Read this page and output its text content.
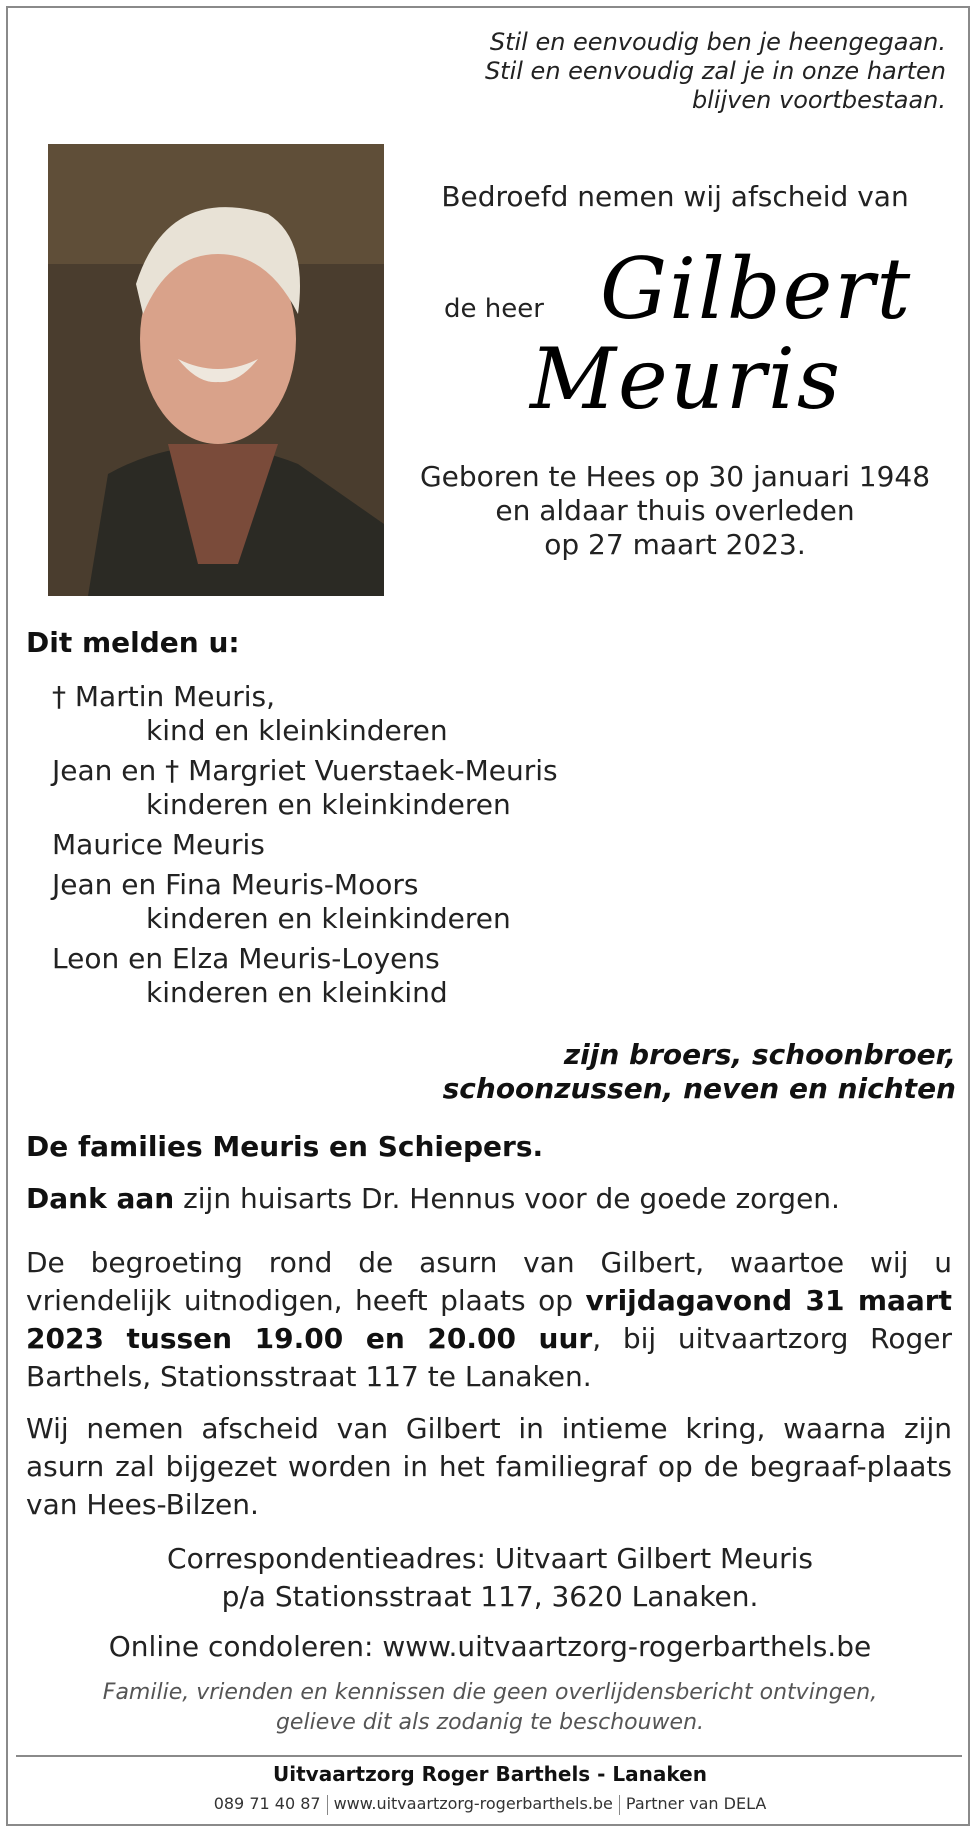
Stil en eenvoudig ben je heengegaan.
Stil en eenvoudig zal je in onze harten
blijven voortbestaan.
Bedroefd nemen wij afscheid van
de heer Gilbert
Meuris
Geboren te Hees op 30 januari 1948
en aldaar thuis overleden
op 27 maart 2023.
Dit melden u:
† Martin Meuris,
kind en kleinkinderen
Jean en † Margriet Vuerstaek-Meuris
kinderen en kleinkinderen
Maurice Meuris
Jean en Fina Meuris-Moors
kinderen en kleinkinderen
Leon en Elza Meuris-Loyens
kinderen en kleinkind
zijn broers, schoonbroer,
schoonzussen, neven en nichten
De families Meuris en Schiepers.
Dank aan zijn huisarts Dr. Hennus voor de goede zorgen.
De begroeting rond de asurn van Gilbert, waartoe wij u vriendelijk uitnodigen, heeft plaats op vrijdagavond 31 maart 2023 tussen 19.00 en 20.00 uur, bij uitvaartzorg Roger Barthels, Stationsstraat 117 te Lanaken.
Wij nemen afscheid van Gilbert in intieme kring, waarna zijn asurn zal bijgezet worden in het familiegraf op de begraaf-plaats van Hees-Bilzen.
Correspondentieadres: Uitvaart Gilbert Meuris
p/a Stationsstraat 117, 3620 Lanaken.
Online condoleren: www.uitvaartzorg-rogerbarthels.be
Familie, vrienden en kennissen die geen overlijdensbericht ontvingen,
gelieve dit als zodanig te beschouwen.
Uitvaartzorg Roger Barthels - Lanaken
089 71 40 87 www.uitvaartzorg-rogerbarthels.be Partner van DELA
